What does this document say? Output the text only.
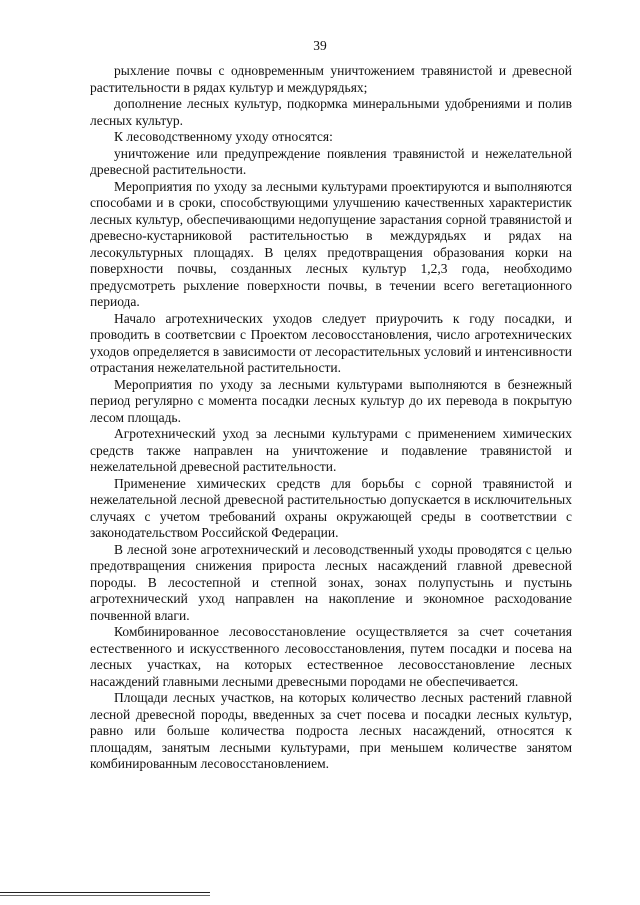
39

рыхление почвы с одновременным уничтожением травянистой и древесной растительности в рядах культур и междурядьях;

дополнение лесных культур, подкормка минеральными удобрениями и полив лесных культур.

К лесоводственному уходу относятся:

уничтожение или предупреждение появления травянистой и нежелательной древесной растительности.

Мероприятия по уходу за лесными культурами проектируются и выполняются способами и в сроки, способствующими улучшению качественных характеристик лесных культур, обеспечивающими недопущение зарастания сорной травянистой и древесно-кустарниковой растительностью в междурядьях и рядах на лесокультурных площадях. В целях предотвращения образования корки на поверхности почвы, созданных лесных культур 1,2,3 года, необходимо предусмотреть рыхление поверхности почвы, в течении всего вегетационного периода.

Начало агротехнических уходов следует приурочить к году посадки, и проводить в соответсвии с Проектом лесовосстановления, число агротехнических уходов определяется в зависимости от лесорастительных условий и интенсивности отрастания нежелательной растительности.

Мероприятия по уходу за лесными культурами выполняются в безнежный период регулярно с момента посадки лесных культур до их перевода в покрытую лесом площадь.

Агротехнический уход за лесными культурами с применением химических средств также направлен на уничтожение и подавление травянистой и нежелательной древесной растительности.

Применение химических средств для борьбы с сорной травянистой и нежелательной лесной древесной растительностью допускается в исключительных случаях с учетом требований охраны окружающей среды в соответствии с законодательством Российской Федерации.

В лесной зоне агротехнический и лесоводственный уходы проводятся с целью предотвращения снижения прироста лесных насаждений главной древесной породы. В лесостепной и степной зонах, зонах полупустынь и пустынь агротехнический уход направлен на накопление и экономное расходование почвенной влаги.

Комбинированное лесовосстановление осуществляется за счет сочетания естественного и искусственного лесовосстановления, путем посадки и посева на лесных участках, на которых естественное лесовосстановление лесных насаждений главными лесными древесными породами не обеспечивается.

Площади лесных участков, на которых количество лесных растений главной лесной древесной породы, введенных за счет посева и посадки лесных культур, равно или больше количества подроста лесных насаждений, относятся к площадям, занятым лесными культурами, при меньшем количестве занятом комбинированным лесовосстановлением.
